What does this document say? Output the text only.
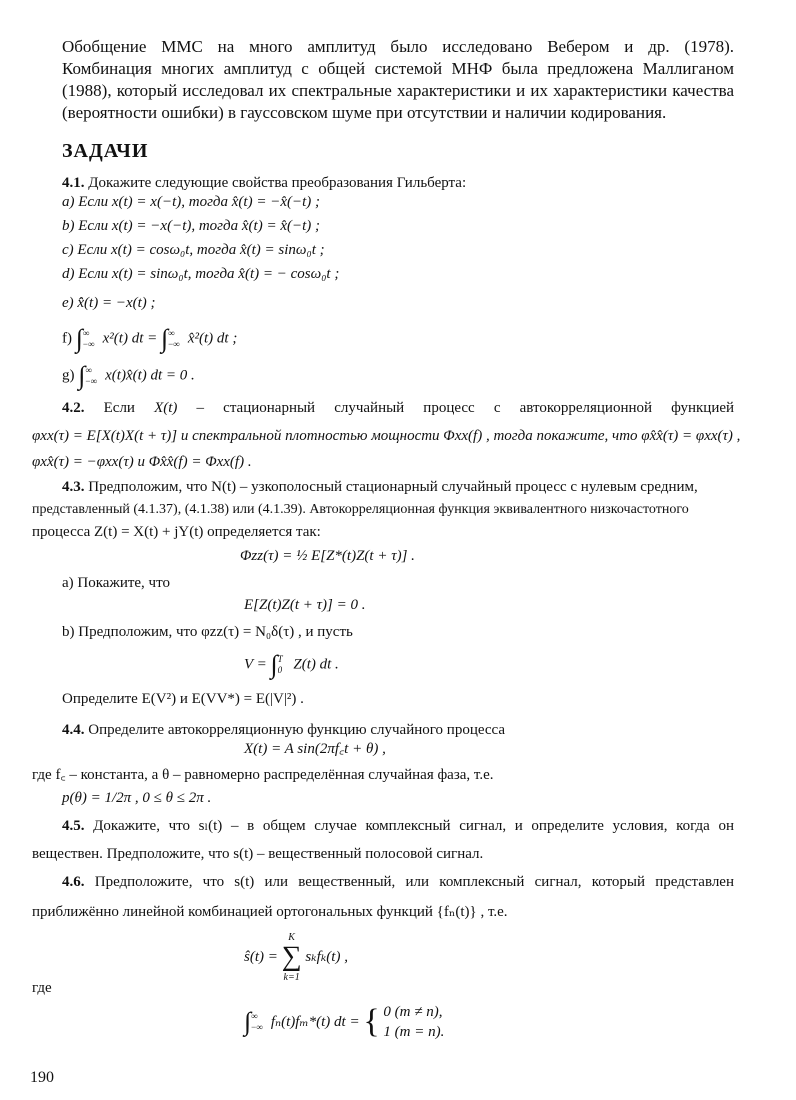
Обобщение ММС на много амплитуд было исследовано Вебером и др. (1978).
Комбинация многих амплитуд с общей системой МНФ была предложена Маллиганом
(1988), который исследовал их спектральные характеристики и их характеристики качества
(вероятности ошибки) в гауссовском шуме при отсутствии и наличии кодирования.
ЗАДАЧИ
4.1. Докажите следующие свойства преобразования Гильберта:
a) Если x(t) = x(−t), тогда x̂(t) = −x̂(−t) ;
b) Если x(t) = −x(−t), тогда x̂(t) = x̂(−t) ;
c) Если x(t) = cosω₀t, тогда x̂(t) = sinω₀t ;
d) Если x(t) = sinω₀t, тогда x̂(t) = − cosω₀t ;
e) x̂̂(t) = −x(t) ;
f) ∫∞
−∞ x²(t) dt = ∫∞
−∞ x̂²(t) dt ;
g) ∫∞
−∞ x(t)x̂(t) dt = 0 .
4.2. Если X(t) – стационарный случайный процесс с автокорреляционной функцией
φxx(τ) = E[X(t)X(t + τ)] и спектральной плотностью мощности Φxx(f) , тогда покажите, что φx̂x̂(τ) = φxx(τ) ,
φxx̂(τ) = −φxx(τ) и Φx̂x̂(f) = Φxx(f) .
4.3. Предположим, что N(t) – узкополосный стационарный случайный процесс с нулевым средним,
представленный (4.1.37), (4.1.38) или (4.1.39). Автокорреляционная функция эквивалентного низкочастотного
процесса Z(t) = X(t) + jY(t) определяется так:
Φzz(τ) = ½ E[Z*(t)Z(t + τ)] .
a) Покажите, что
E[Z(t)Z(t + τ)] = 0 .
b) Предположим, что φzz(τ) = N₀δ(τ) , и пусть
V = ∫T
0 Z(t) dt .
Определите E(V²) и E(VV*) = E(|V|²) .
4.4. Определите автокорреляционную функцию случайного процесса
X(t) = A sin(2πf꜀t + θ) ,
где f꜀ – константа, а θ – равномерно распределённая случайная фаза, т.е.
p(θ) = 1/2π , 0 ≤ θ ≤ 2π .
4.5. Докажите, что sₗ(t) – в общем случае комплексный сигнал, и определите условия, когда он
веществен. Предположите, что s(t) – вещественный полосовой сигнал.
4.6. Предположите, что s(t) или вещественный, или комплексный сигнал, который представлен
приближённо линейной комбинацией ортогональных функций {fₙ(t)} , т.е.
ŝ(t) = K
∑
k=1 sₖfₖ(t) ,
где
∫∞
−∞ fₙ(t)fₘ*(t) dt = { 0 (m ≠ n),
1 (m = n).
190
